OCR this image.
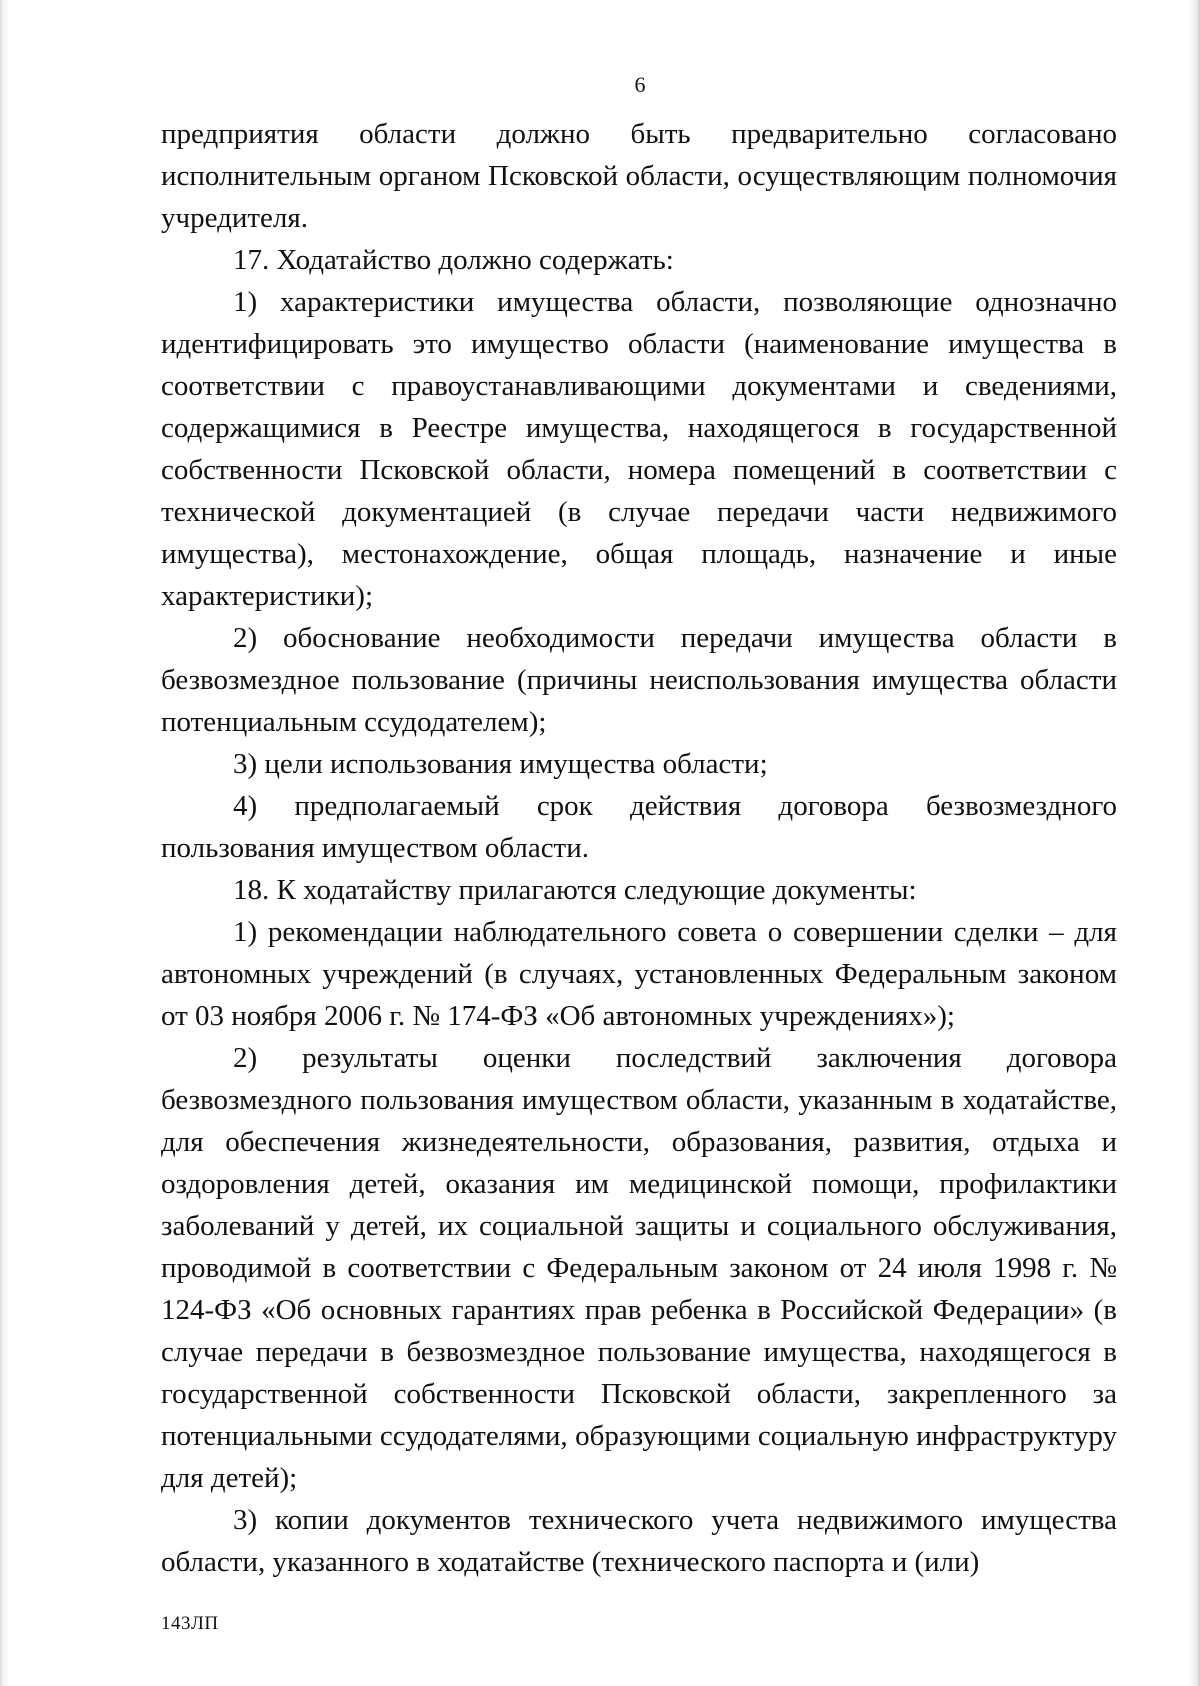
6

предприятия области должно быть предварительно согласовано исполнительным органом Псковской области, осуществляющим полномочия учредителя.

17. Ходатайство должно содержать:

1) характеристики имущества области, позволяющие однозначно идентифицировать это имущество области (наименование имущества в соответствии с правоустанавливающими документами и сведениями, содержащимися в Реестре имущества, находящегося в государственной собственности Псковской области, номера помещений в соответствии с технической документацией (в случае передачи части недвижимого имущества), местонахождение, общая площадь, назначение и иные характеристики);

2) обоснование необходимости передачи имущества области в безвозмездное пользование (причины неиспользования имущества области потенциальным ссудодателем);

3) цели использования имущества области;

4) предполагаемый срок действия договора безвозмездного пользования имуществом области.

18. К ходатайству прилагаются следующие документы:

1) рекомендации наблюдательного совета о совершении сделки – для автономных учреждений (в случаях, установленных Федеральным законом от 03 ноября 2006 г. № 174-ФЗ «Об автономных учреждениях»);

2) результаты оценки последствий заключения договора безвозмездного пользования имуществом области, указанным в ходатайстве, для обеспечения жизнедеятельности, образования, развития, отдыха и оздоровления детей, оказания им медицинской помощи, профилактики заболеваний у детей, их социальной защиты и социального обслуживания, проводимой в соответствии с Федеральным законом от 24 июля 1998 г. № 124-ФЗ «Об основных гарантиях прав ребенка в Российской Федерации» (в случае передачи в безвозмездное пользование имущества, находящегося в государственной собственности Псковской области, закрепленного за потенциальными ссудодателями, образующими социальную инфраструктуру для детей);

3) копии документов технического учета недвижимого имущества области, указанного в ходатайстве (технического паспорта и (или)

143ЛП
